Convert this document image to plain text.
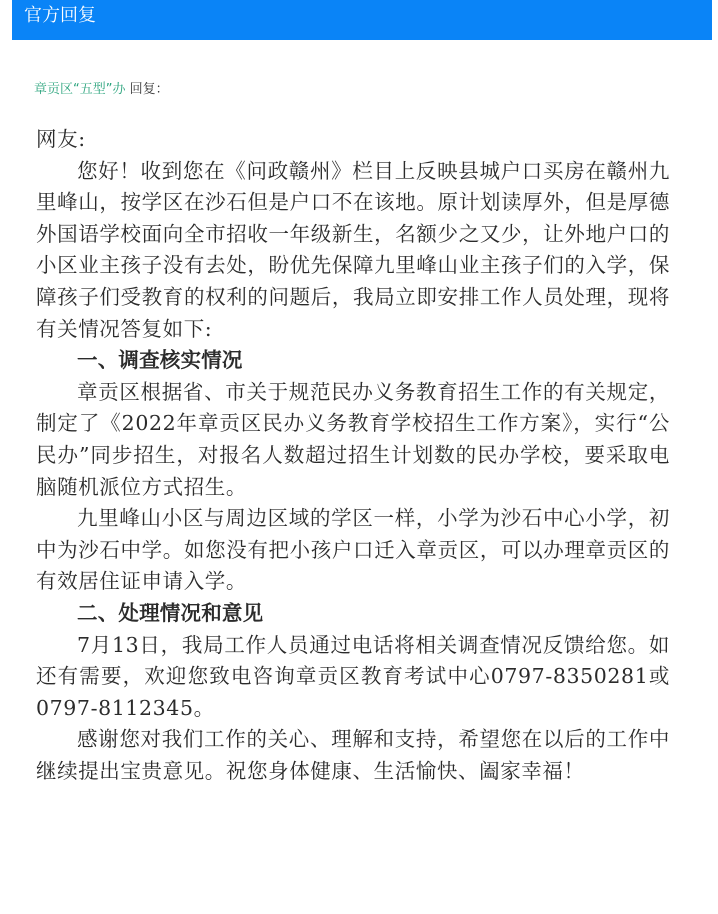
官方回复
章贡区“五型”办 回复：

网友:

您好！收到您在《问政赣州》栏目上反映县城户口买房在赣州九里峰山，按学区在沙石但是户口不在该地。原计划读厚外，但是厚德外国语学校面向全市招收一年级新生，名额少之又少，让外地户口的小区业主孩子没有去处，盼优先保障九里峰山业主孩子们的入学，保障孩子们受教育的权利的问题后，我局立即安排工作人员处理，现将有关情况答复如下:

一、调查核实情况

章贡区根据省、市关于规范民办义务教育招生工作的有关规定，制定了《2022年章贡区民办义务教育学校招生工作方案》，实行“公民办”同步招生，对报名人数超过招生计划数的民办学校，要采取电脑随机派位方式招生。

九里峰山小区与周边区域的学区一样，小学为沙石中心小学，初中为沙石中学。如您没有把小孩户口迁入章贡区，可以办理章贡区的有效居住证申请入学。

二、处理情况和意见

7月13日，我局工作人员通过电话将相关调查情况反馈给您。如还有需要，欢迎您致电咨询章贡区教育考试中心0797-8350281或0797-8112345。

感谢您对我们工作的关心、理解和支持，希望您在以后的工作中继续提出宝贵意见。祝您身体健康、生活愉快、阖家幸福！
